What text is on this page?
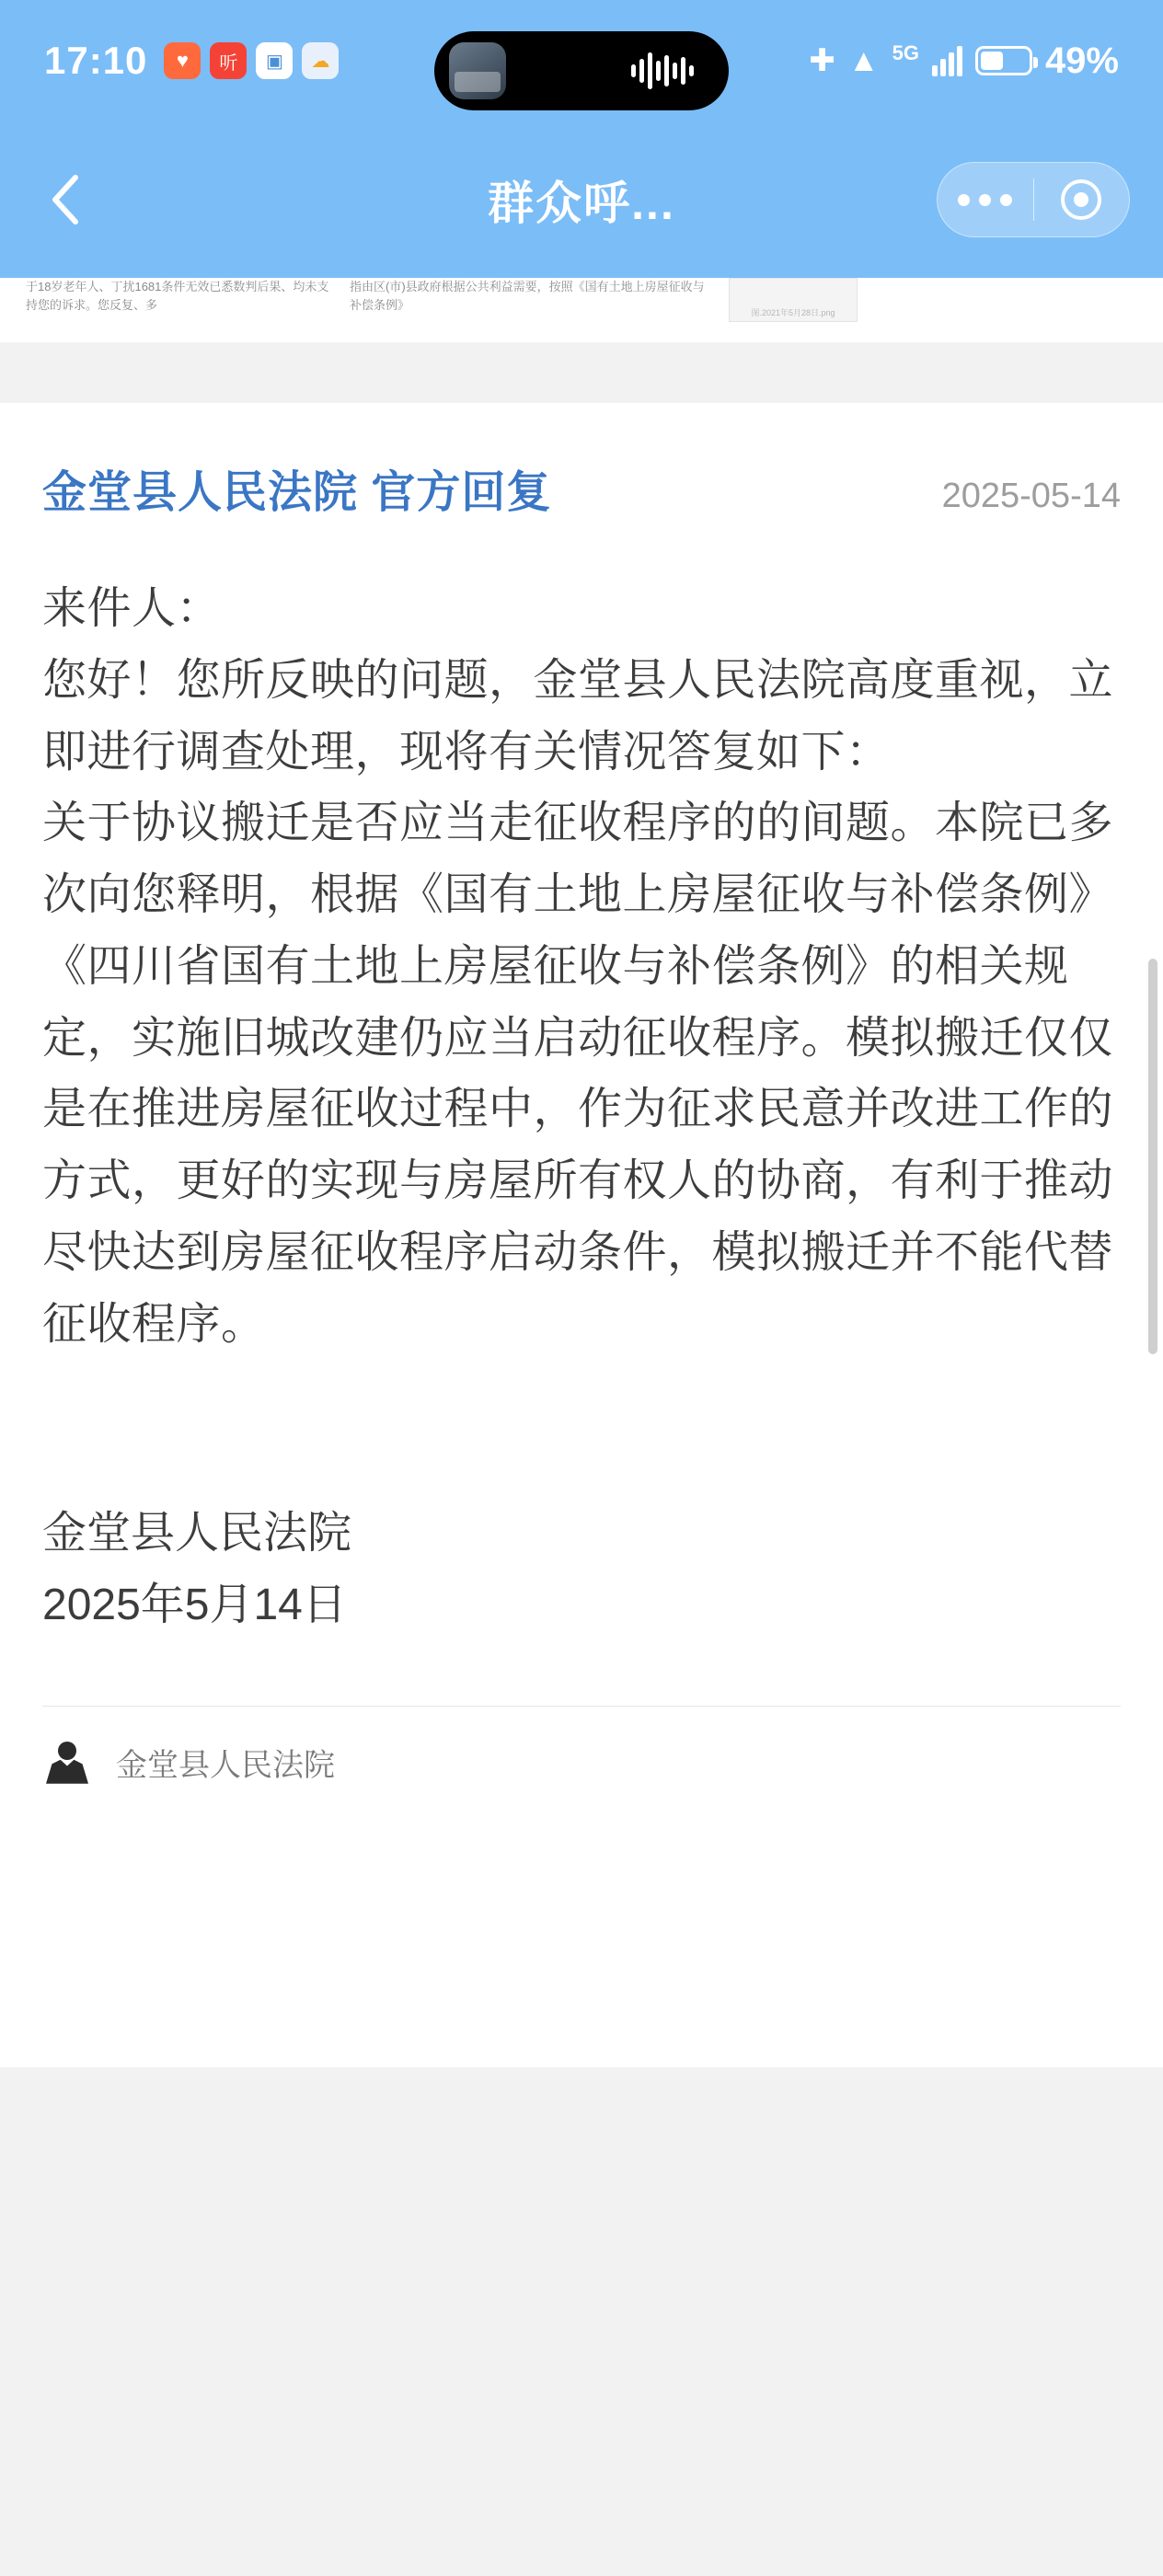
17:10	♥	听	▣	☁	✚ ▲ 5G	49%
群众呼...
于18岁老年人、丁扰1681条件无效已悉数判后果、均未支持您的诉求。您反复、多
指由区(市)县政府根据公共利益需要，按照《国有土地上房屋征收与补偿条例》
图.2021年5月28日.png
金堂县人民法院 官方回复	2025-05-14

来件人：

您好！您所反映的问题，金堂县人民法院高度重视，立即进行调查处理，现将有关情况答复如下：

关于协议搬迁是否应当走征收程序的的间题。本院已多次向您释明，根据《国有土地上房屋征收与补偿条例》《四川省国有土地上房屋征收与补偿条例》的相关规定，实施旧城改建仍应当启动征收程序。模拟搬迁仅仅是在推进房屋征收过程中，作为征求民意并改进工作的方式，更好的实现与房屋所有权人的协商，有利于推动尽快达到房屋征收程序启动条件，模拟搬迁并不能代替征收程序。

金堂县人民法院
2025年5月14日
金堂县人民法院
